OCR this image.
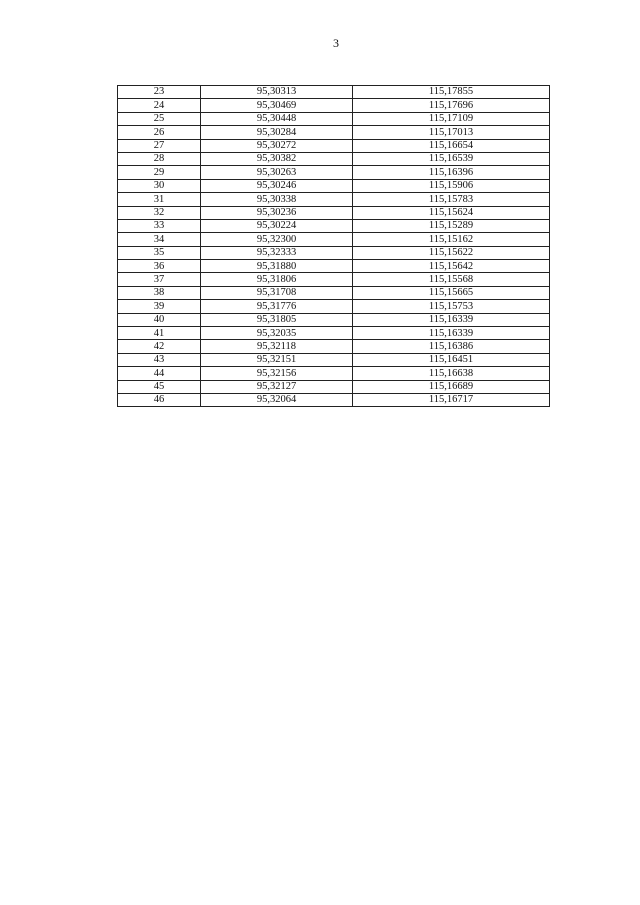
3
23	95,30313	115,17855
24	95,30469	115,17696
25	95,30448	115,17109
26	95,30284	115,17013
27	95,30272	115,16654
28	95,30382	115,16539
29	95,30263	115,16396
30	95,30246	115,15906
31	95,30338	115,15783
32	95,30236	115,15624
33	95,30224	115,15289
34	95,32300	115,15162
35	95,32333	115,15622
36	95,31880	115,15642
37	95,31806	115,15568
38	95,31708	115,15665
39	95,31776	115,15753
40	95,31805	115,16339
41	95,32035	115,16339
42	95,32118	115,16386
43	95,32151	115,16451
44	95,32156	115,16638
45	95,32127	115,16689
46	95,32064	115,16717
